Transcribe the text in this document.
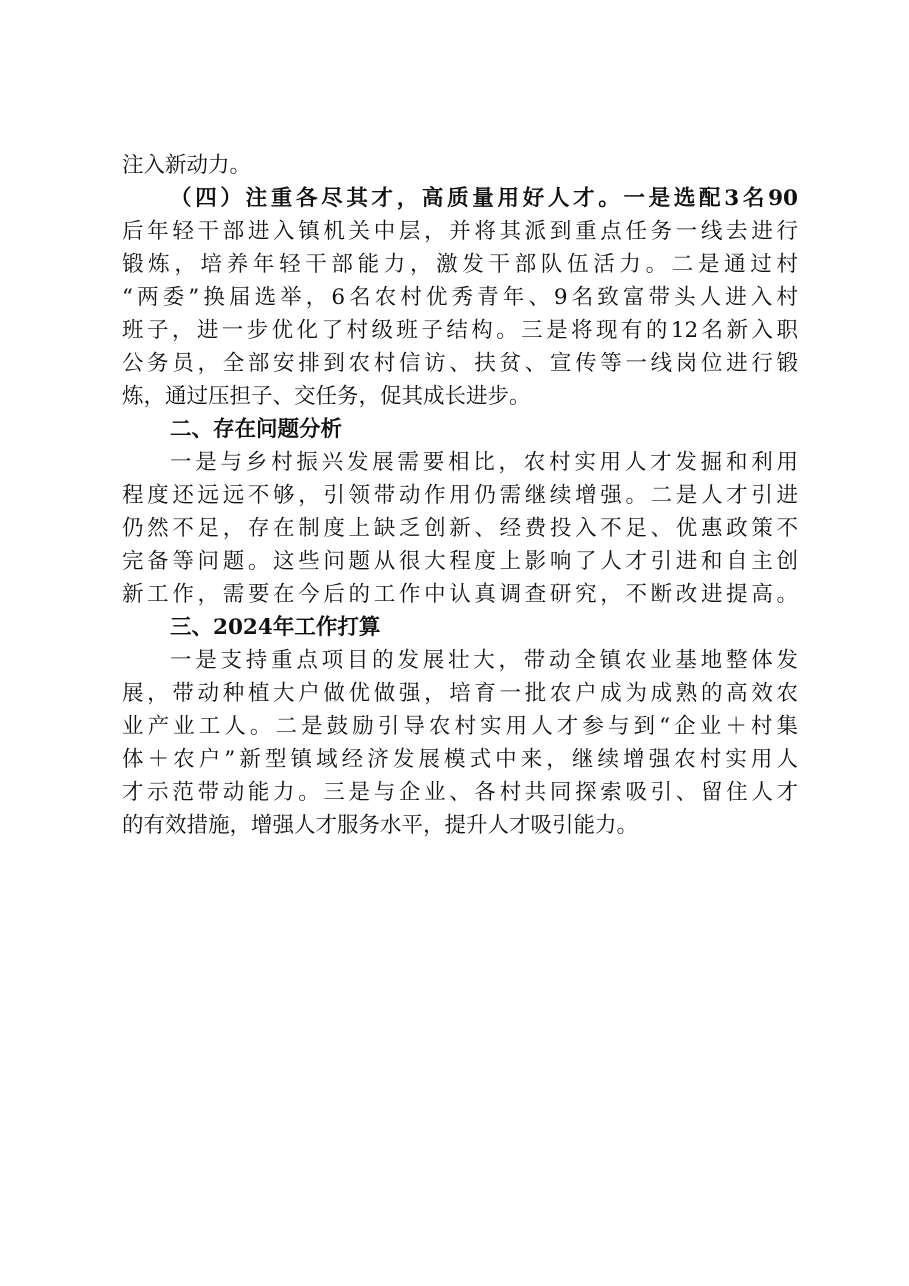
注入新动力。
（四）注重各尽其才，高质量用好人才。一是选配3名90
后年轻干部进入镇机关中层，并将其派到重点任务一线去进行
锻炼，培养年轻干部能力，激发干部队伍活力。二是通过村
“两委”换届选举，6名农村优秀青年、9名致富带头人进入村
班子，进一步优化了村级班子结构。三是将现有的12名新入职
公务员，全部安排到农村信访、扶贫、宣传等一线岗位进行锻
炼，通过压担子、交任务，促其成长进步。
二、存在问题分析
一是与乡村振兴发展需要相比，农村实用人才发掘和利用
程度还远远不够，引领带动作用仍需继续增强。二是人才引进
仍然不足，存在制度上缺乏创新、经费投入不足、优惠政策不
完备等问题。这些问题从很大程度上影响了人才引进和自主创
新工作，需要在今后的工作中认真调查研究，不断改进提高。
三、2024年工作打算
一是支持重点项目的发展壮大，带动全镇农业基地整体发
展，带动种植大户做优做强，培育一批农户成为成熟的高效农
业产业工人。二是鼓励引导农村实用人才参与到“企业＋村集
体＋农户”新型镇域经济发展模式中来，继续增强农村实用人
才示范带动能力。三是与企业、各村共同探索吸引、留住人才
的有效措施，增强人才服务水平，提升人才吸引能力。
